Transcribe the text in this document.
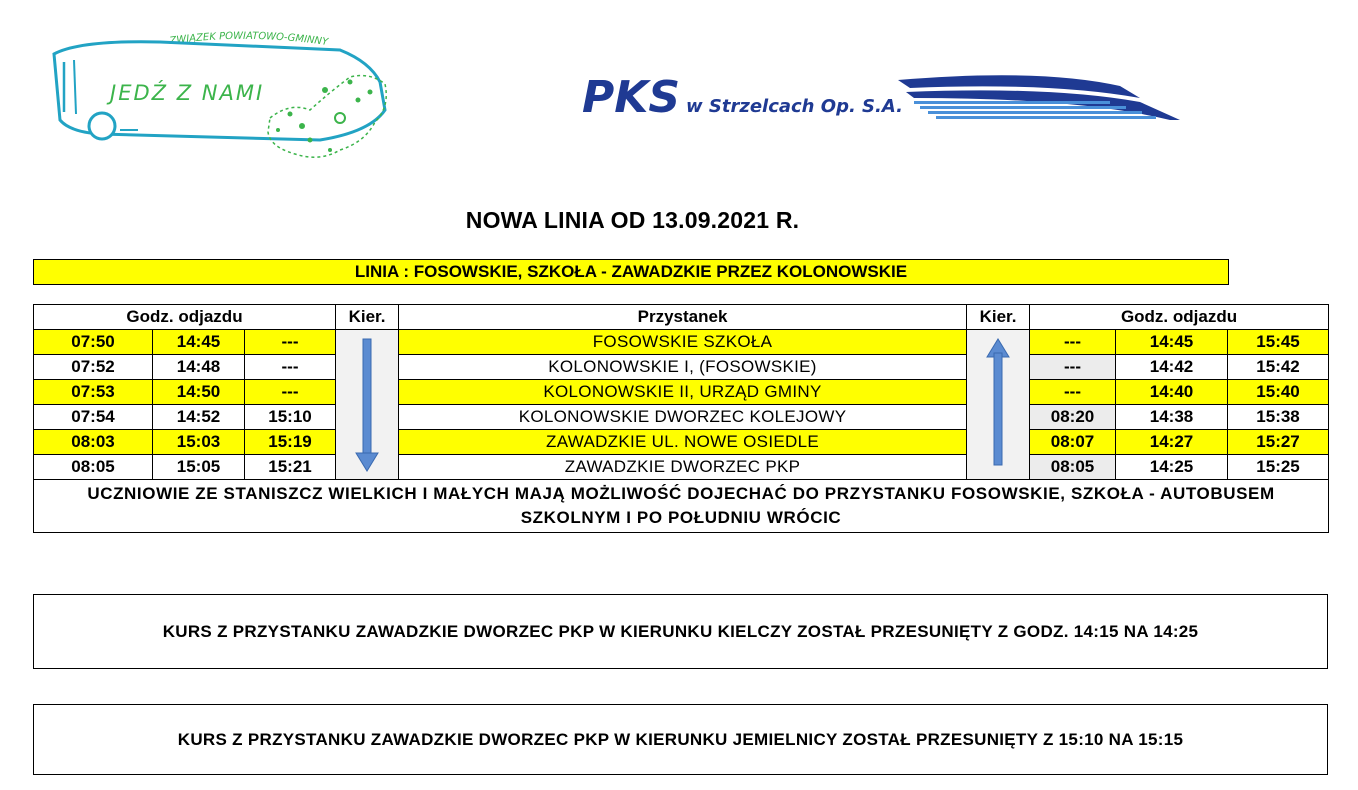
ZWIĄZEK POWIATOWO-GMINNY
JEDŹ Z NAMI	PKS w Strzelcach Op. S.A.
NOWA LINIA OD 13.09.2021 R.
LINIA : FOSOWSKIE, SZKOŁA - ZAWADZKIE PRZEZ KOLONOWSKIE
Godz. odjazdu			Kier.	Przystanek	Kier.	Godz. odjazdu		
07:50	14:45	---		FOSOWSKIE SZKOŁA		---	14:45	15:45
07:52	14:48	---		KOLONOWSKIE I, (FOSOWSKIE)		---	14:42	15:42
07:53	14:50	---		KOLONOWSKIE II, URZĄD GMINY		---	14:40	15:40
07:54	14:52	15:10		KOLONOWSKIE DWORZEC KOLEJOWY		08:20	14:38	15:38
08:03	15:03	15:19		ZAWADZKIE UL. NOWE OSIEDLE		08:07	14:27	15:27
08:05	15:05	15:21		ZAWADZKIE DWORZEC PKP		08:05	14:25	15:25
UCZNIOWIE ZE STANISZCZ WIELKICH I MAŁYCH MAJĄ MOŻLIWOŚĆ DOJECHAĆ DO PRZYSTANKU FOSOWSKIE, SZKOŁA - AUTOBUSEM SZKOLNYM I PO POŁUDNIU WRÓCIC								
KURS Z PRZYSTANKU ZAWADZKIE DWORZEC PKP W KIERUNKU KIELCZY ZOSTAŁ PRZESUNIĘTY Z GODZ. 14:15 NA 14:25
KURS Z PRZYSTANKU ZAWADZKIE DWORZEC PKP W KIERUNKU JEMIELNICY ZOSTAŁ PRZESUNIĘTY Z 15:10 NA 15:15
